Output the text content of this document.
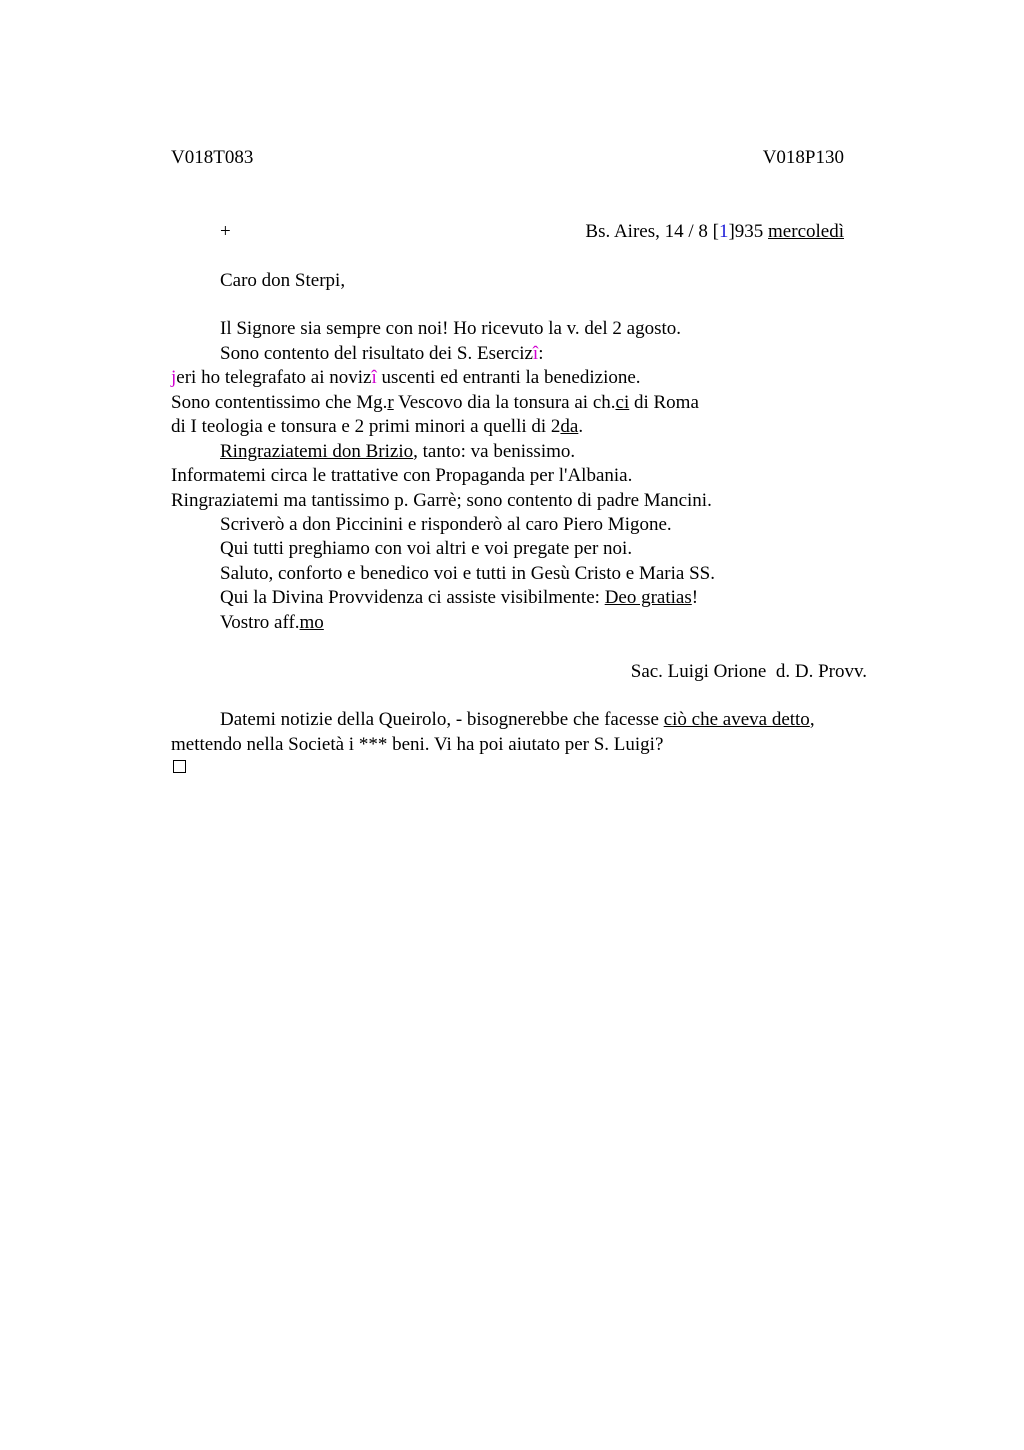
V018T083	V018P130
+	Bs. Aires, 14 / 8 [1]935 mercoledì
Caro don Sterpi,
Il Signore sia sempre con noi! Ho ricevuto la v. del 2 agosto.
Sono contento del risultato dei S. Esercizî:
jeri ho telegrafato ai novizî uscenti ed entranti la benedizione.
Sono contentissimo che Mg.r Vescovo dia la tonsura ai ch.ci di Roma
di I teologia e tonsura e 2 primi minori a quelli di 2da.
Ringraziatemi don Brizio, tanto: va benissimo.
Informatemi circa le trattative con Propaganda per l'Albania.
Ringraziatemi ma tantissimo p. Garrè; sono contento di padre Mancini.
Scriverò a don Piccinini e risponderò al caro Piero Migone.
Qui tutti preghiamo con voi altri e voi pregate per noi.
Saluto, conforto e benedico voi e tutti in Gesù Cristo e Maria SS.
Qui la Divina Provvidenza ci assiste visibilmente: Deo gratias!
Vostro aff.mo
Sac. Luigi Orione  d. D. Provv.
Datemi notizie della Queirolo, - bisognerebbe che facesse ciò che aveva detto,
mettendo nella Società i *** beni. Vi ha poi aiutato per S. Luigi?
